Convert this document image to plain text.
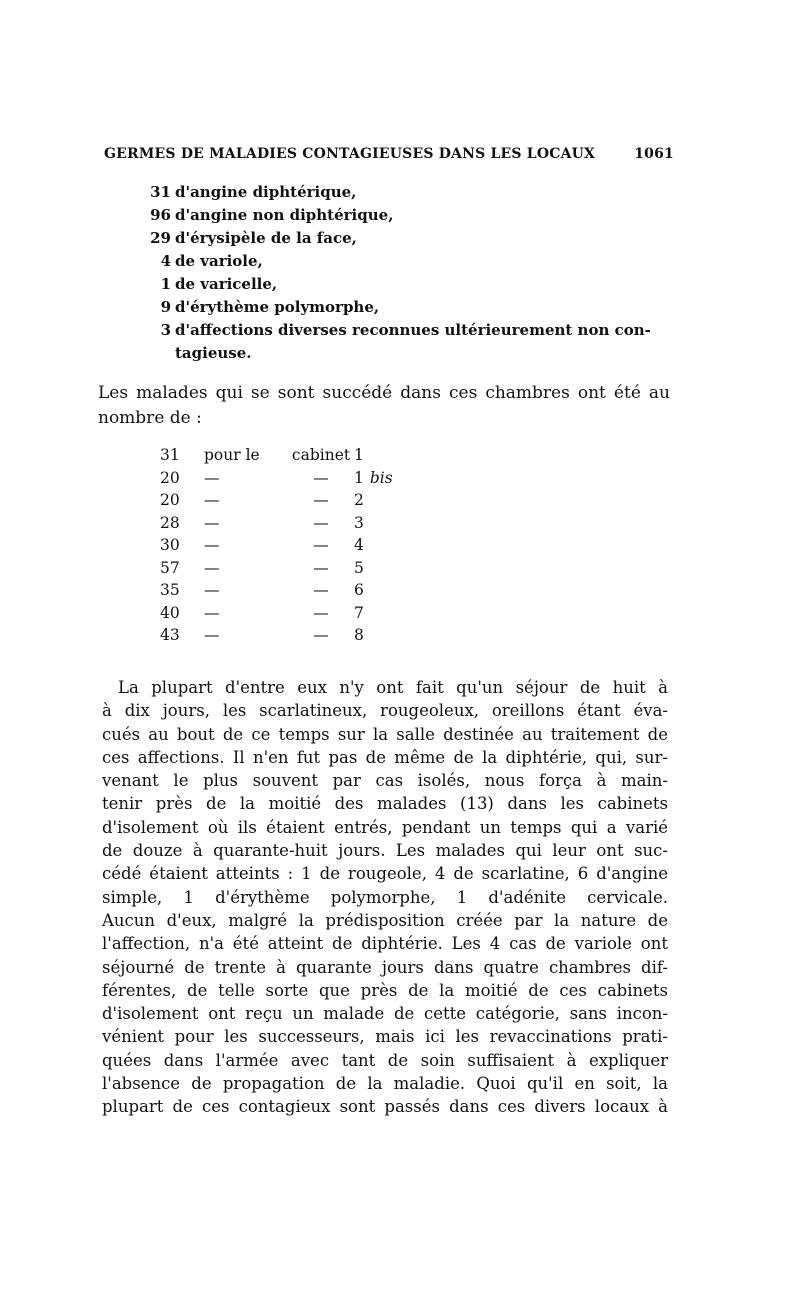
GERMES DE MALADIES CONTAGIEUSES DANS LES LOCAUX	1061
31 d'angine diphtérique,
96 d'angine non diphtérique,
29 d'érysipèle de la face,
4 de variole,
1 de varicelle,
9 d'érythème polymorphe,
3 d'affections diverses reconnues ultérieurement non con-
tagieuse.
Les malades qui se sont succédé dans ces chambres ont été au nombre de :
31	pour le	cabinet 1
20	—	—	1 bis
20	—	—	2
28	—	—	3
30	—	—	4
57	—	—	5
35	—	—	6
40	—	—	7
43	—	—	8
La plupart d'entre eux n'y ont fait qu'un séjour de huit à
à dix jours, les scarlatineux, rougeoleux, oreillons étant éva-
cués au bout de ce temps sur la salle destinée au traitement de
ces affections. Il n'en fut pas de même de la diphtérie, qui, sur-
venant le plus souvent par cas isolés, nous força à main-
tenir près de la moitié des malades (13) dans les cabinets
d'isolement où ils étaient entrés, pendant un temps qui a varié
de douze à quarante-huit jours. Les malades qui leur ont suc-
cédé étaient atteints : 1 de rougeole, 4 de scarlatine, 6 d'angine
simple, 1 d'érythème polymorphe, 1 d'adénite cervicale.
Aucun d'eux, malgré la prédisposition créée par la nature de
l'affection, n'a été atteint de diphtérie. Les 4 cas de variole ont
séjourné de trente à quarante jours dans quatre chambres dif-
férentes, de telle sorte que près de la moitié de ces cabinets
d'isolement ont reçu un malade de cette catégorie, sans incon-
vénient pour les successeurs, mais ici les revaccinations prati-
quées dans l'armée avec tant de soin suffisaient à expliquer
l'absence de propagation de la maladie. Quoi qu'il en soit, la
plupart de ces contagieux sont passés dans ces divers locaux à
